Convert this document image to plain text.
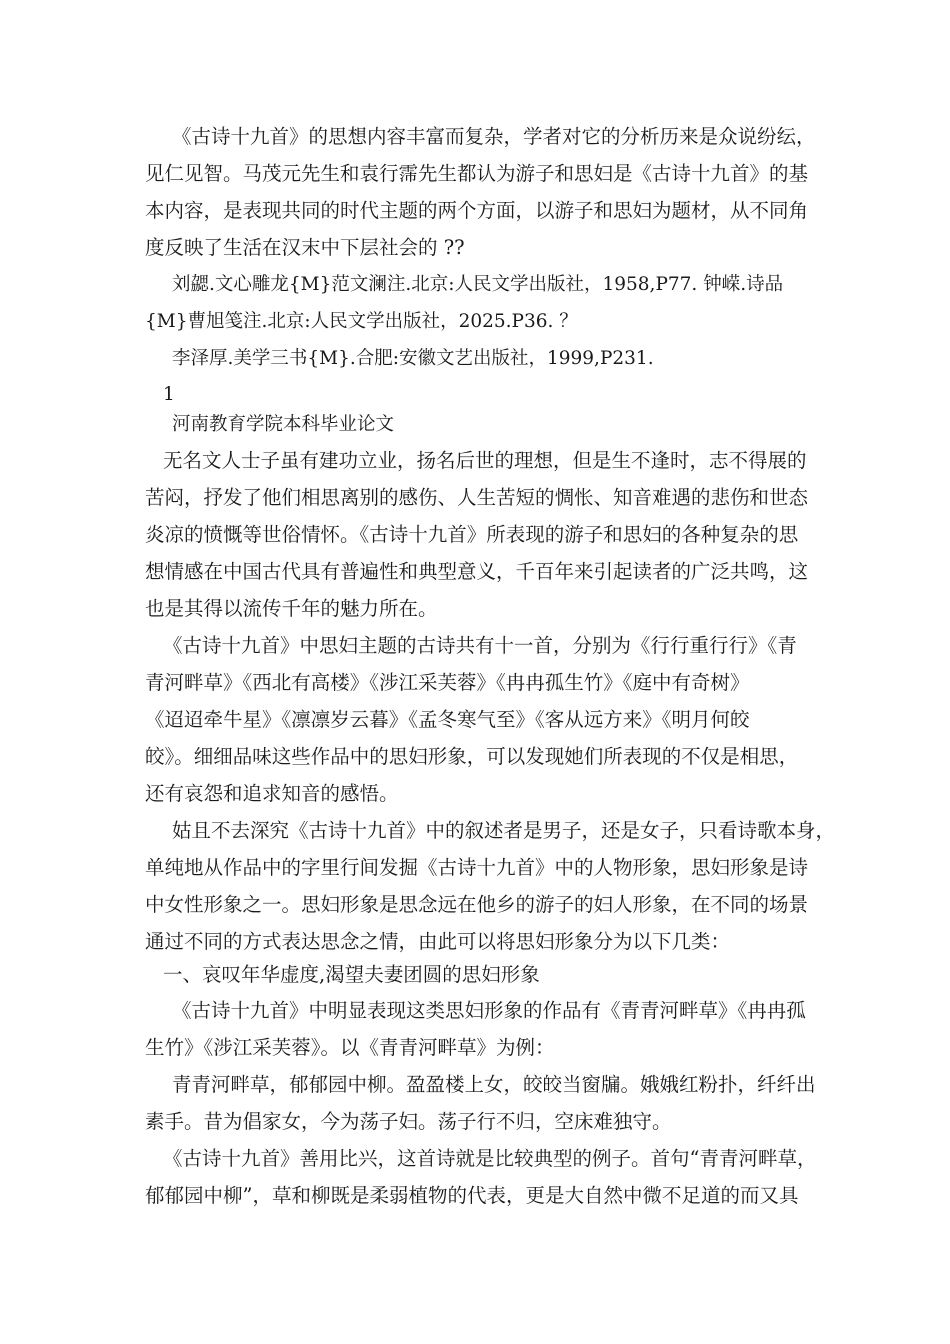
《古诗十九首》的思想内容丰富而复杂，学者对它的分析历来是众说纷纭，

见仁见智。马茂元先生和袁行霈先生都认为游子和思妇是《古诗十九首》的基

本内容，是表现共同的时代主题的两个方面，以游子和思妇为题材，从不同角

度反映了生活在汉末中下层社会的 ??

刘勰.文心雕龙{M}范文澜注.北京:人民文学出版社，1958,P77. 钟嵘.诗品

{M}曹旭笺注.北京:人民文学出版社，2025.P36. ？

李泽厚.美学三书{M}.合肥:安徽文艺出版社，1999,P231.

1

河南教育学院本科毕业论文

无名文人士子虽有建功立业，扬名后世的理想，但是生不逢时，志不得展的

苦闷，抒发了他们相思离别的感伤、人生苦短的惆怅、知音难遇的悲伤和世态

炎凉的愤慨等世俗情怀。《古诗十九首》所表现的游子和思妇的各种复杂的思

想情感在中国古代具有普遍性和典型意义，千百年来引起读者的广泛共鸣，这

也是其得以流传千年的魅力所在。

《古诗十九首》中思妇主题的古诗共有十一首，分别为《行行重行行》《青

青河畔草》《西北有高楼》《涉江采芙蓉》《冉冉孤生竹》《庭中有奇树》

《迢迢牵牛星》《凛凛岁云暮》《孟冬寒气至》《客从远方来》《明月何皎

皎》。细细品味这些作品中的思妇形象，可以发现她们所表现的不仅是相思，

还有哀怨和追求知音的感悟。

姑且不去深究《古诗十九首》中的叙述者是男子，还是女子，只看诗歌本身，

单纯地从作品中的字里行间发掘《古诗十九首》中的人物形象，思妇形象是诗

中女性形象之一。思妇形象是思念远在他乡的游子的妇人形象，在不同的场景

通过不同的方式表达思念之情，由此可以将思妇形象分为以下几类：

一、哀叹年华虚度,渴望夫妻团圆的思妇形象

《古诗十九首》中明显表现这类思妇形象的作品有《青青河畔草》《冉冉孤

生竹》《涉江采芙蓉》。以《青青河畔草》为例：

青青河畔草，郁郁园中柳。盈盈楼上女，皎皎当窗牖。娥娥红粉扑，纤纤出

素手。昔为倡家女，今为荡子妇。荡子行不归，空床难独守。

《古诗十九首》善用比兴，这首诗就是比较典型的例子。首句“青青河畔草，

郁郁园中柳”，草和柳既是柔弱植物的代表，更是大自然中微不足道的而又具
